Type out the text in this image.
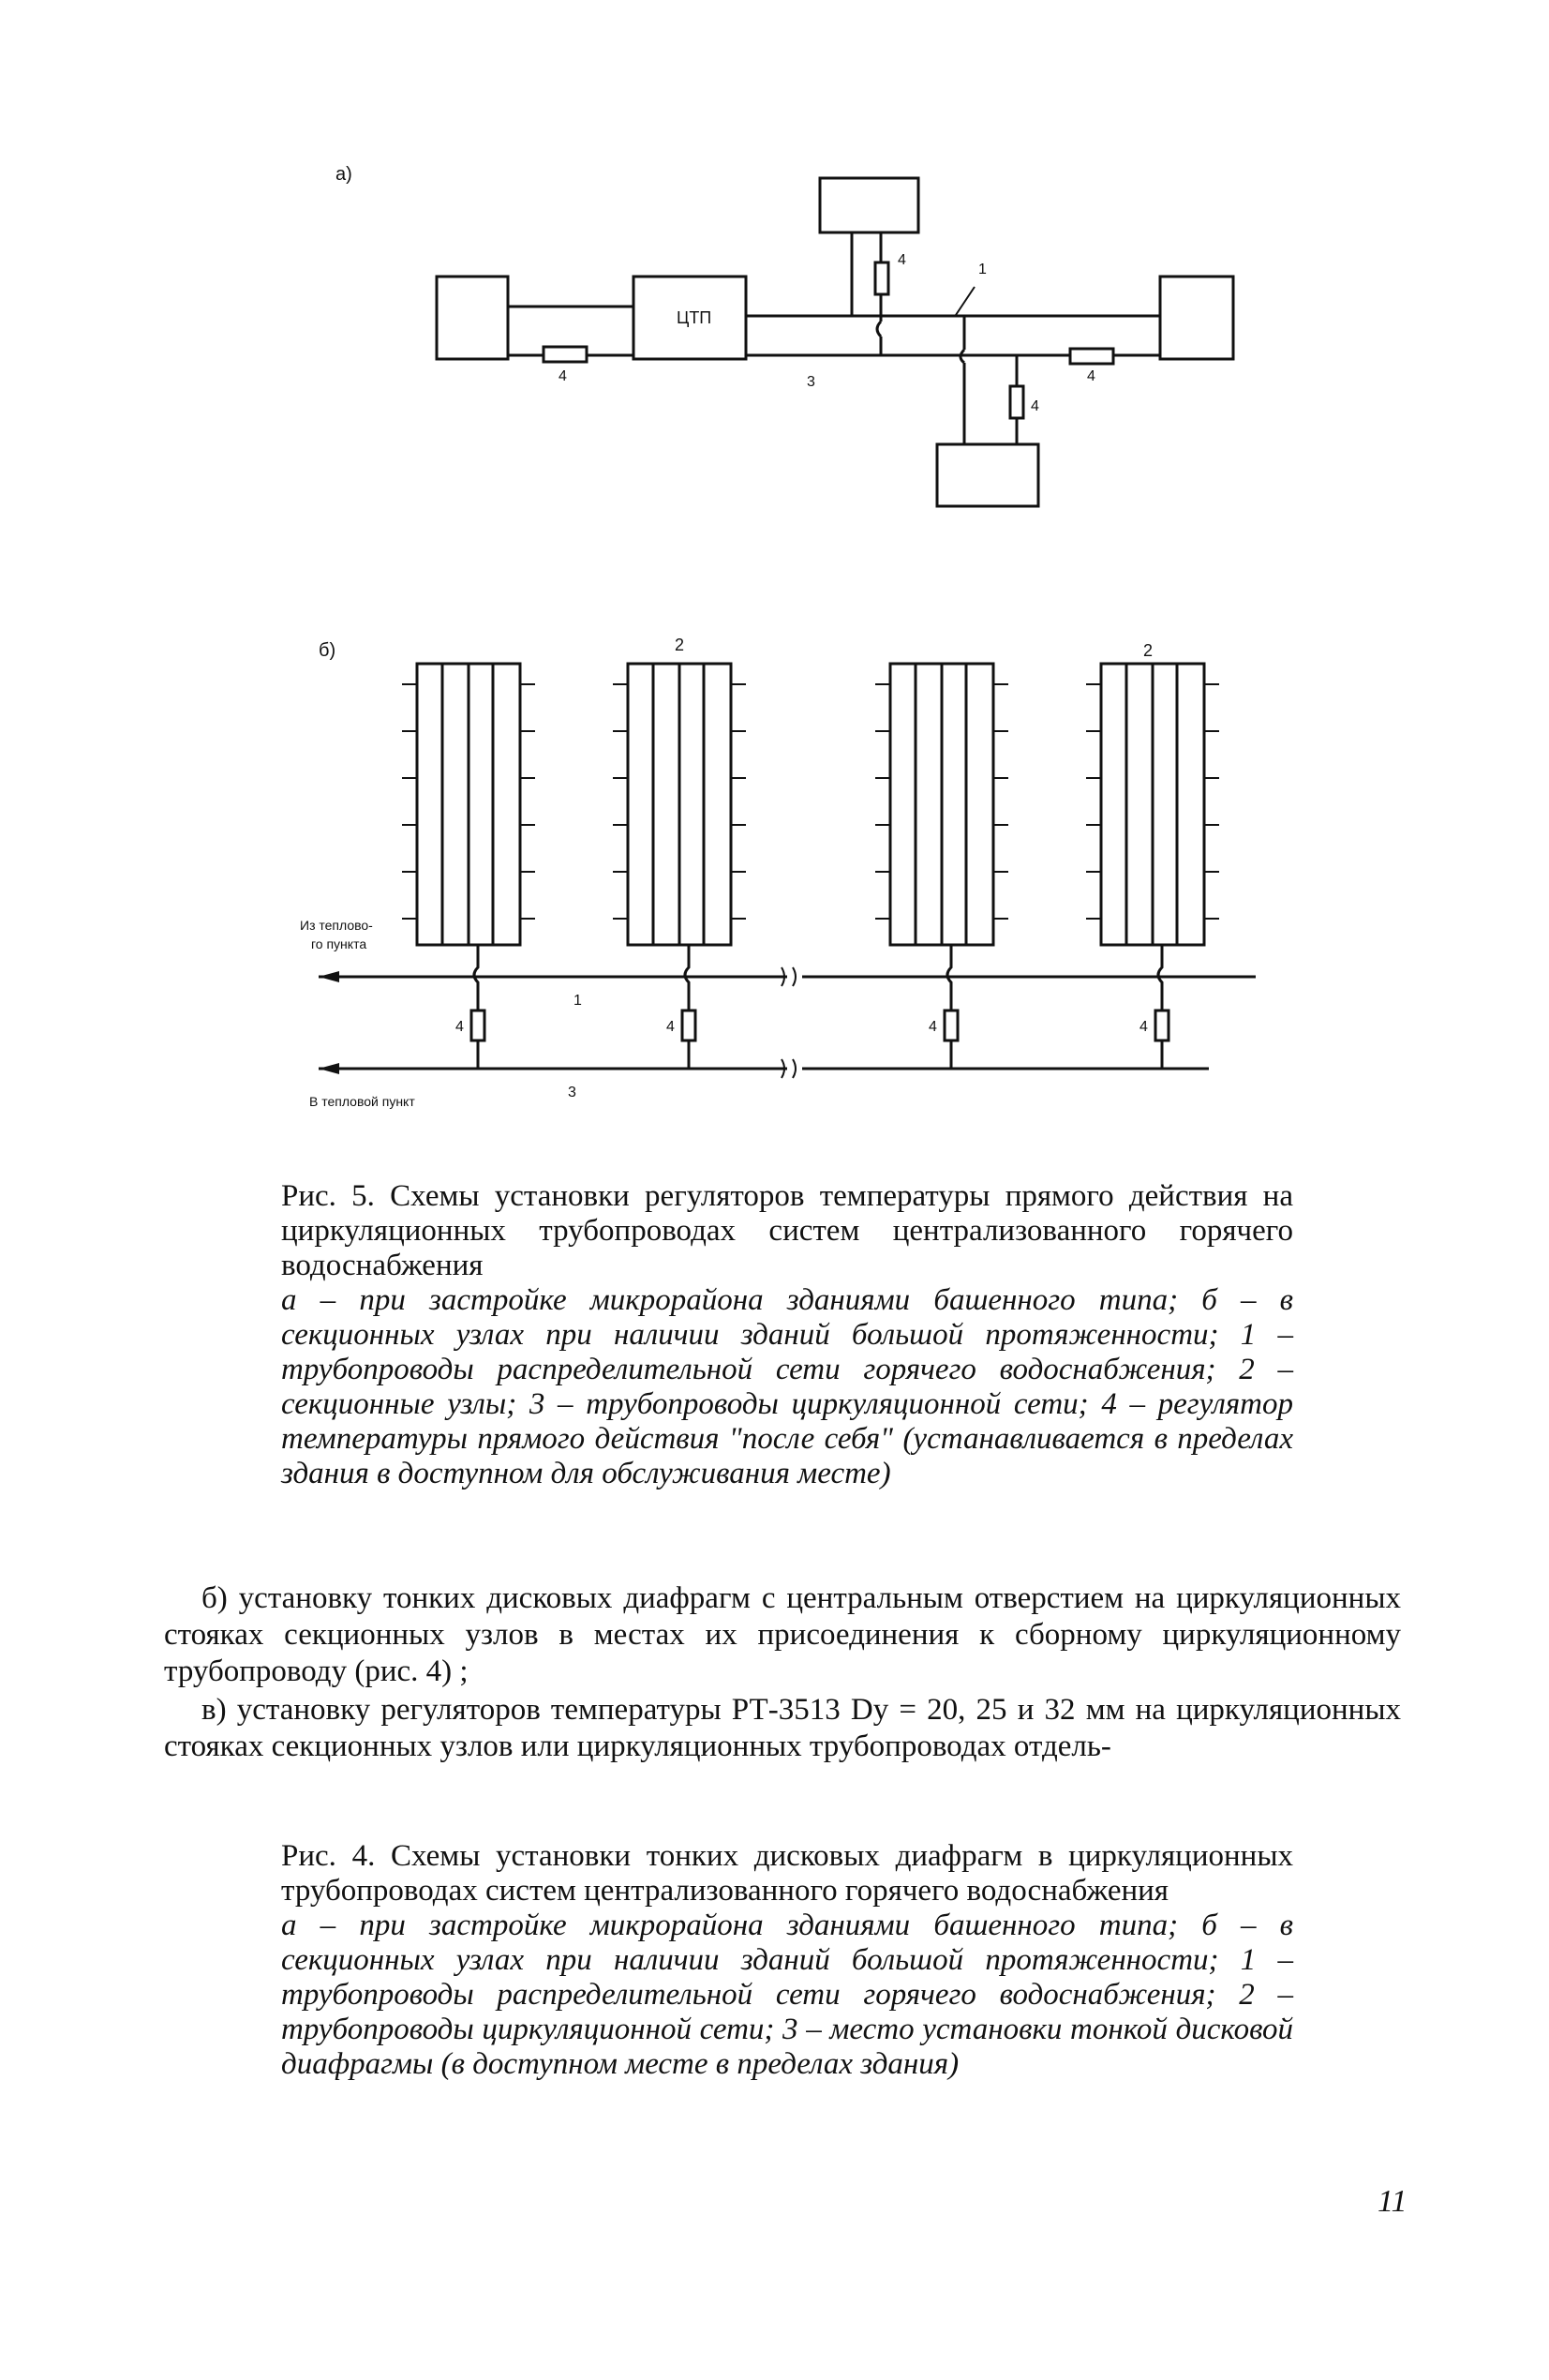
а)
ЦТП
4	3
1
4
4
4
б)	2	2
1
Из теплово-
го пункта
3
В тепловой пункт
4	4	4	4
Рис. 5. Схемы установки регуляторов температуры прямого действия на циркуляционных трубопроводах систем централизованного горячего водоснабжения
а – при застройке микрорайона зданиями башенного типа; б – в секционных узлах при наличии зданий большой протяженности; 1 – трубопроводы распределительной сети горячего водоснабжения; 2 – секционные узлы; 3 – трубопроводы циркуляционной сети; 4 – регулятор температуры прямого действия "после себя" (устанавливается в пределах здания в доступном для обслуживания месте)
б) установку тонких дисковых диафрагм с центральным отверстием на циркуляционных стояках секционных узлов в местах их присоединения к сборному циркуляционному трубопроводу (рис. 4) ;
в) установку регуляторов температуры РТ-3513 Dу = 20, 25 и 32 мм на циркуляционных стояках секционных узлов или циркуляционных трубопроводах отдель-
Рис. 4. Схемы установки тонких дисковых диафрагм в циркуляционных трубопроводах систем централизованного горячего водоснабжения
а – при застройке микрорайона зданиями башенного типа; б – в секционных узлах при наличии зданий большой протяженности; 1 – трубопроводы распределительной сети горячего водоснабжения; 2 – трубопроводы циркуляционной сети; 3 – место установки тонкой дисковой диафрагмы (в доступном месте в пределах здания)
11
